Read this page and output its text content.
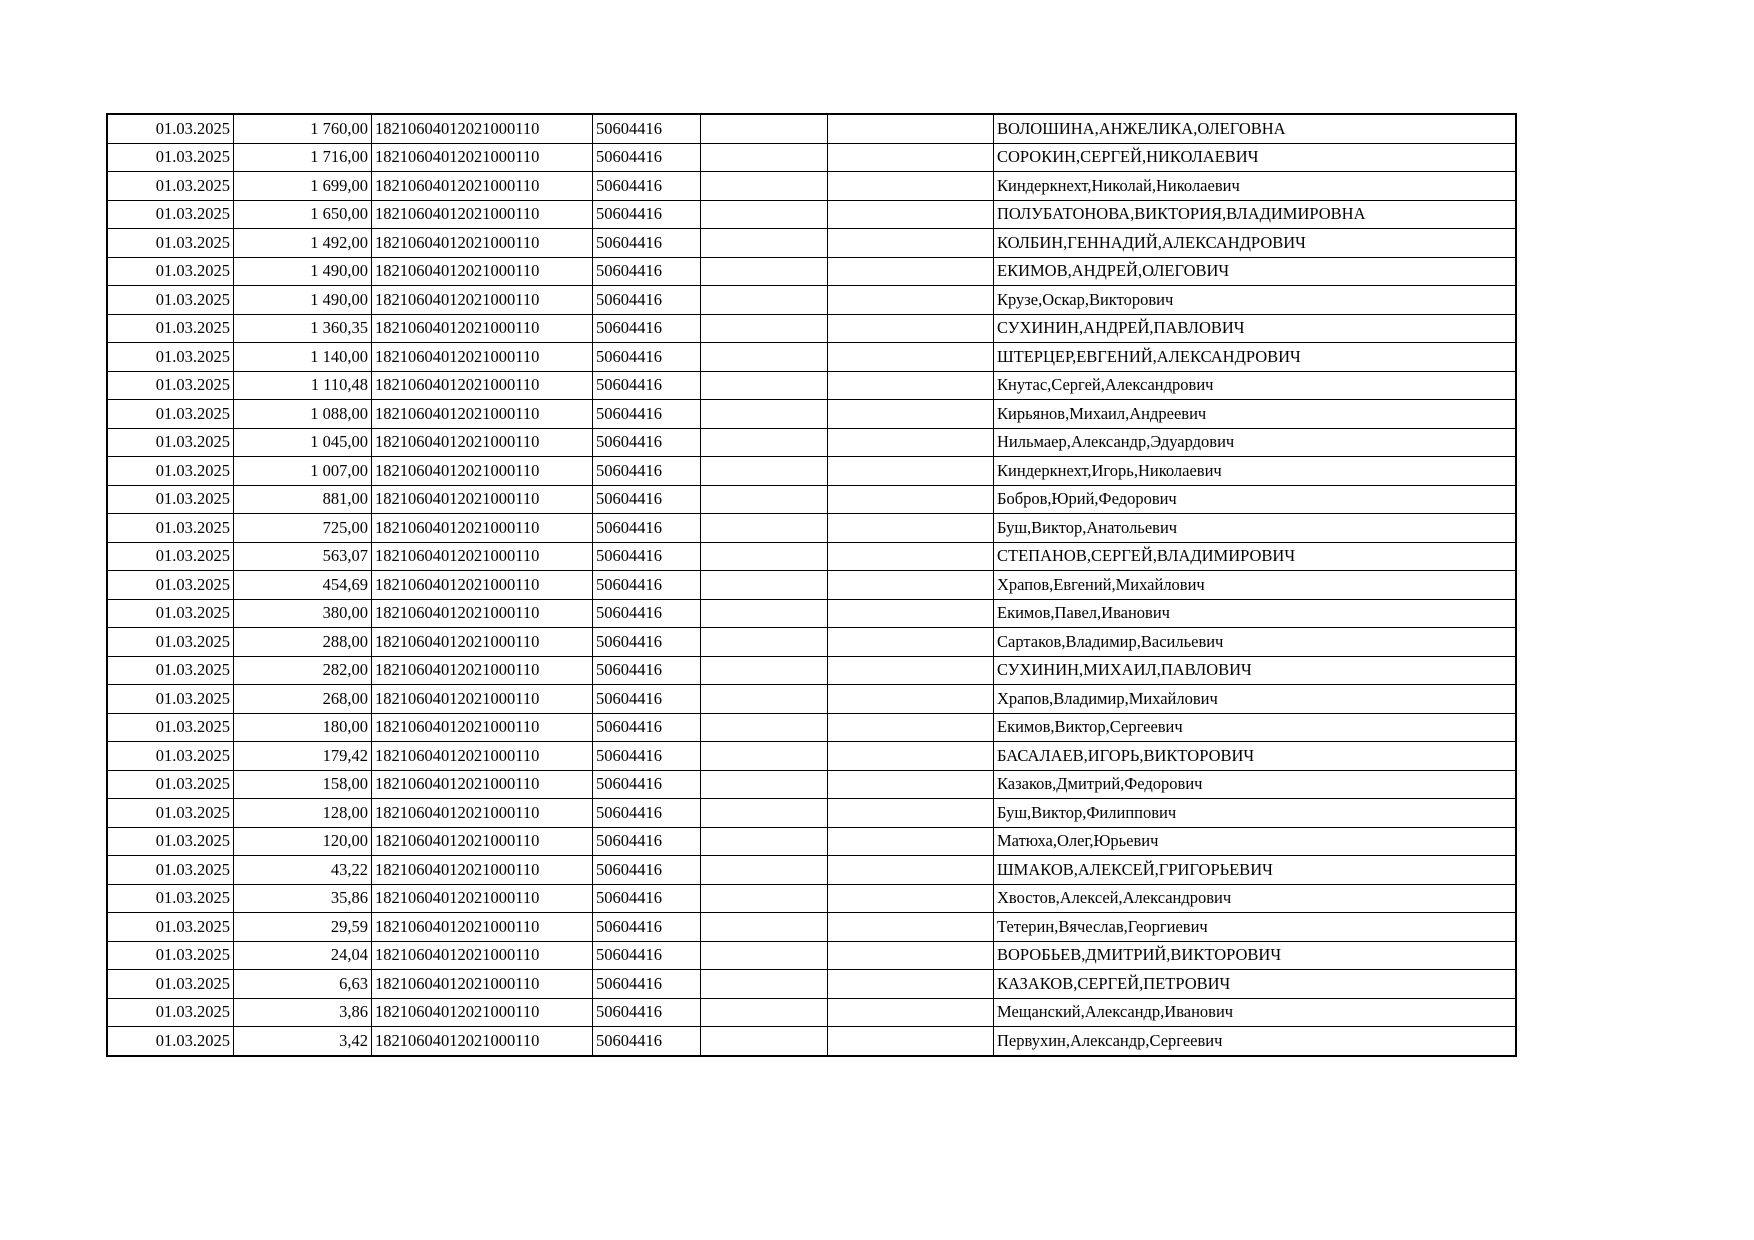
01.03.2025	1 760,00	18210604012021000110	50604416			ВОЛОШИНА,АНЖЕЛИКА,ОЛЕГОВНА
01.03.2025	1 716,00	18210604012021000110	50604416			СОРОКИН,СЕРГЕЙ,НИКОЛАЕВИЧ
01.03.2025	1 699,00	18210604012021000110	50604416			Киндеркнехт,Николай,Николаевич
01.03.2025	1 650,00	18210604012021000110	50604416			ПОЛУБАТОНОВА,ВИКТОРИЯ,ВЛАДИМИРОВНА
01.03.2025	1 492,00	18210604012021000110	50604416			КОЛБИН,ГЕННАДИЙ,АЛЕКСАНДРОВИЧ
01.03.2025	1 490,00	18210604012021000110	50604416			ЕКИМОВ,АНДРЕЙ,ОЛЕГОВИЧ
01.03.2025	1 490,00	18210604012021000110	50604416			Крузе,Оскар,Викторович
01.03.2025	1 360,35	18210604012021000110	50604416			СУХИНИН,АНДРЕЙ,ПАВЛОВИЧ
01.03.2025	1 140,00	18210604012021000110	50604416			ШТЕРЦЕР,ЕВГЕНИЙ,АЛЕКСАНДРОВИЧ
01.03.2025	1 110,48	18210604012021000110	50604416			Кнутас,Сергей,Александрович
01.03.2025	1 088,00	18210604012021000110	50604416			Кирьянов,Михаил,Андреевич
01.03.2025	1 045,00	18210604012021000110	50604416			Нильмаер,Александр,Эдуардович
01.03.2025	1 007,00	18210604012021000110	50604416			Киндеркнехт,Игорь,Николаевич
01.03.2025	881,00	18210604012021000110	50604416			Бобров,Юрий,Федорович
01.03.2025	725,00	18210604012021000110	50604416			Буш,Виктор,Анатольевич
01.03.2025	563,07	18210604012021000110	50604416			СТЕПАНОВ,СЕРГЕЙ,ВЛАДИМИРОВИЧ
01.03.2025	454,69	18210604012021000110	50604416			Храпов,Евгений,Михайлович
01.03.2025	380,00	18210604012021000110	50604416			Екимов,Павел,Иванович
01.03.2025	288,00	18210604012021000110	50604416			Сартаков,Владимир,Васильевич
01.03.2025	282,00	18210604012021000110	50604416			СУХИНИН,МИХАИЛ,ПАВЛОВИЧ
01.03.2025	268,00	18210604012021000110	50604416			Храпов,Владимир,Михайлович
01.03.2025	180,00	18210604012021000110	50604416			Екимов,Виктор,Сергеевич
01.03.2025	179,42	18210604012021000110	50604416			БАСАЛАЕВ,ИГОРЬ,ВИКТОРОВИЧ
01.03.2025	158,00	18210604012021000110	50604416			Казаков,Дмитрий,Федорович
01.03.2025	128,00	18210604012021000110	50604416			Буш,Виктор,Филиппович
01.03.2025	120,00	18210604012021000110	50604416			Матюха,Олег,Юрьевич
01.03.2025	43,22	18210604012021000110	50604416			ШМАКОВ,АЛЕКСЕЙ,ГРИГОРЬЕВИЧ
01.03.2025	35,86	18210604012021000110	50604416			Хвостов,Алексей,Александрович
01.03.2025	29,59	18210604012021000110	50604416			Тетерин,Вячеслав,Георгиевич
01.03.2025	24,04	18210604012021000110	50604416			ВОРОБЬЕВ,ДМИТРИЙ,ВИКТОРОВИЧ
01.03.2025	6,63	18210604012021000110	50604416			КАЗАКОВ,СЕРГЕЙ,ПЕТРОВИЧ
01.03.2025	3,86	18210604012021000110	50604416			Мещанский,Александр,Иванович
01.03.2025	3,42	18210604012021000110	50604416			Первухин,Александр,Сергеевич
